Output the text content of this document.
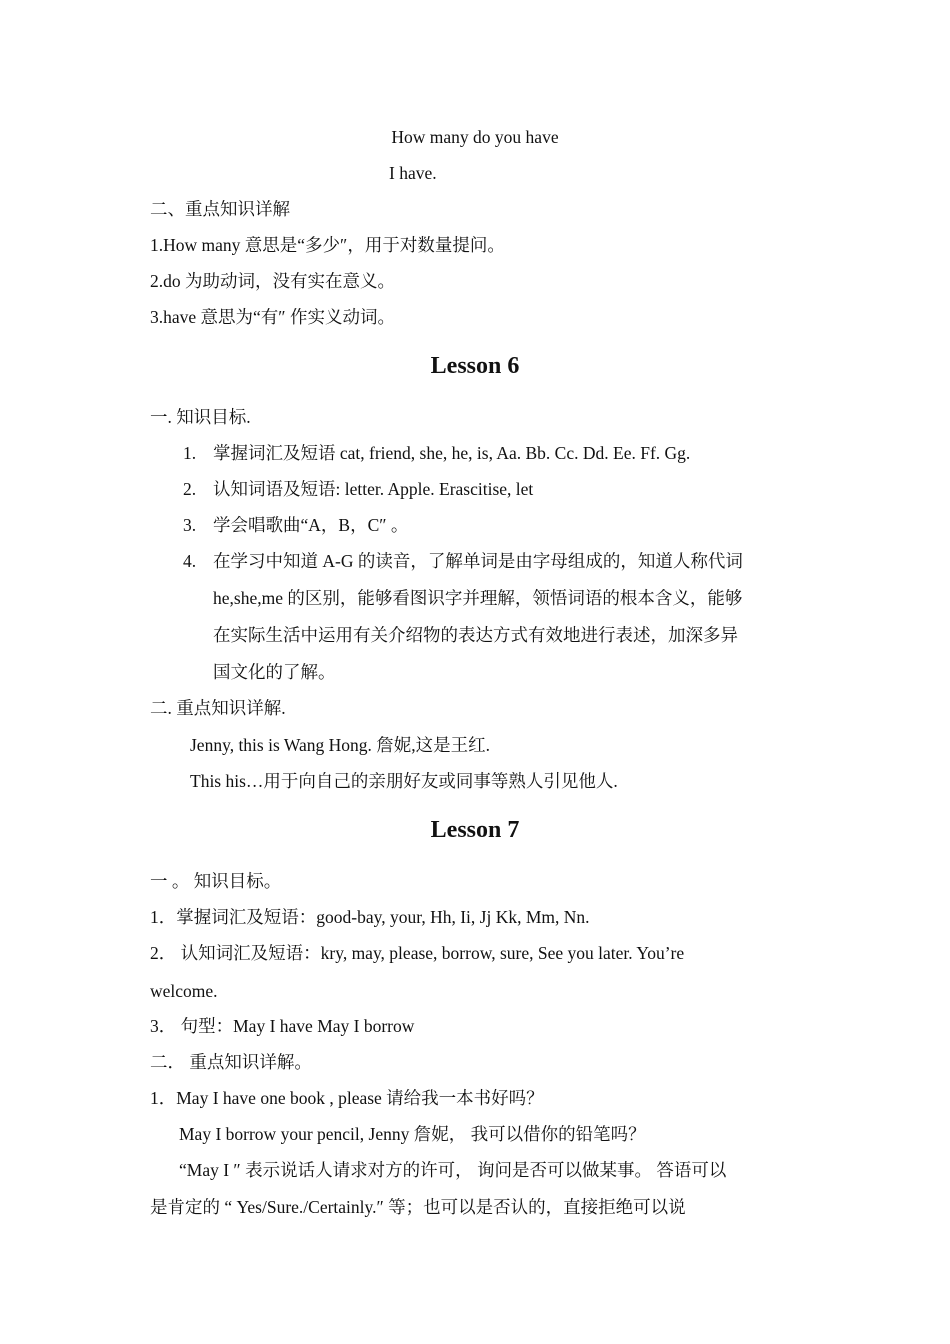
How many do you have
I have.
二、重点知识详解
1.How many 意思是“多少″，用于对数量提问。
2.do 为助动词，没有实在意义。
3.have 意思为“有″ 作实义动词。
Lesson 6
一. 知识目标.
1. 掌握词汇及短语 cat, friend, she, he, is, Aa. Bb. Cc. Dd. Ee. Ff. Gg.
2. 认知词语及短语: letter. Apple. Erascitise, let
3. 学会唱歌曲“A，B，C″ 。
4. 在学习中知道 A-G 的读音，了解单词是由字母组成的，知道人称代词
he,she,me 的区别，能够看图识字并理解，领悟词语的根本含义，能够
在实际生活中运用有关介绍物的表达方式有效地进行表述，加深多异
国文化的了解。
二. 重点知识详解.
Jenny, this is Wang Hong. 詹妮,这是王红.
This his…用于向自己的亲朋好友或同事等熟人引见他人.
Lesson 7
一 。 知识目标。
1．掌握词汇及短语：good-bay, your, Hh, Ii, Jj Kk, Mm, Nn.
2． 认知词汇及短语：kry, may, please, borrow, sure, See you later. You’re
welcome.
3． 句型：May I have May I borrow
二． 重点知识详解。
1．May I have one book , please 请给我一本书好吗？
May I borrow your pencil, Jenny 詹妮， 我可以借你的铅笔吗？
“May I ″ 表示说话人请求对方的许可， 询问是否可以做某事。 答语可以
是肯定的 “ Yes/Sure./Certainly.″ 等；也可以是否认的，直接拒绝可以说
